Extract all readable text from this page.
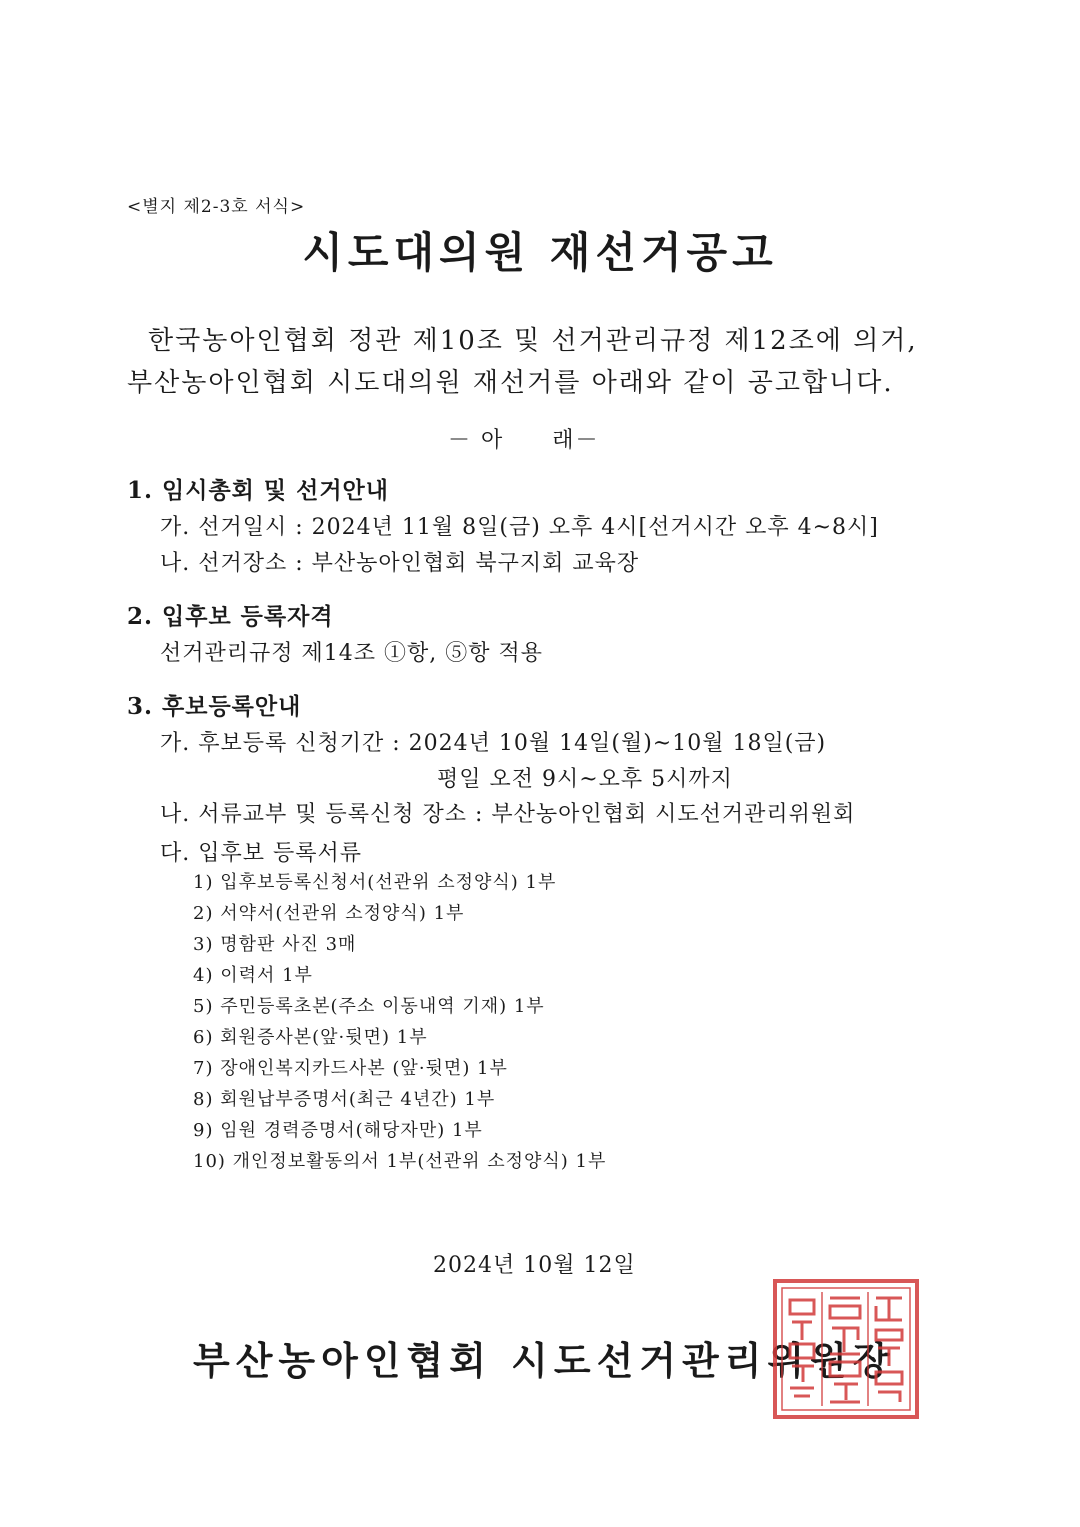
<별지 제2-3호 서식>
시도대의원 재선거공고
한국농아인협회 정관 제10조 및 선거관리규정 제12조에 의거,
부산농아인협회 시도대의원 재선거를 아래와 같이 공고합니다.
－ 아　　래－
1. 임시총회 및 선거안내
가. 선거일시 : 2024년 11월 8일(금) 오후 4시[선거시간 오후 4~8시]
나. 선거장소 : 부산농아인협회 북구지회 교육장
2. 입후보 등록자격
선거관리규정 제14조 ①항, ⑤항 적용
3. 후보등록안내
가. 후보등록 신청기간 : 2024년 10월 14일(월)~10월 18일(금)
평일 오전 9시~오후 5시까지
나. 서류교부 및 등록신청 장소 : 부산농아인협회 시도선거관리위원회
다. 입후보 등록서류
1) 입후보등록신청서(선관위 소정양식) 1부
2) 서약서(선관위 소정양식) 1부
3) 명함판 사진 3매
4) 이력서 1부
5) 주민등록초본(주소 이동내역 기재) 1부
6) 회원증사본(앞·뒷면) 1부
7) 장애인복지카드사본 (앞·뒷면) 1부
8) 회원납부증명서(최근 4년간) 1부
9) 임원 경력증명서(해당자만) 1부
10) 개인정보활동의서 1부(선관위 소정양식) 1부
2024년 10월 12일
부산농아인협회 시도선거관리위원장
